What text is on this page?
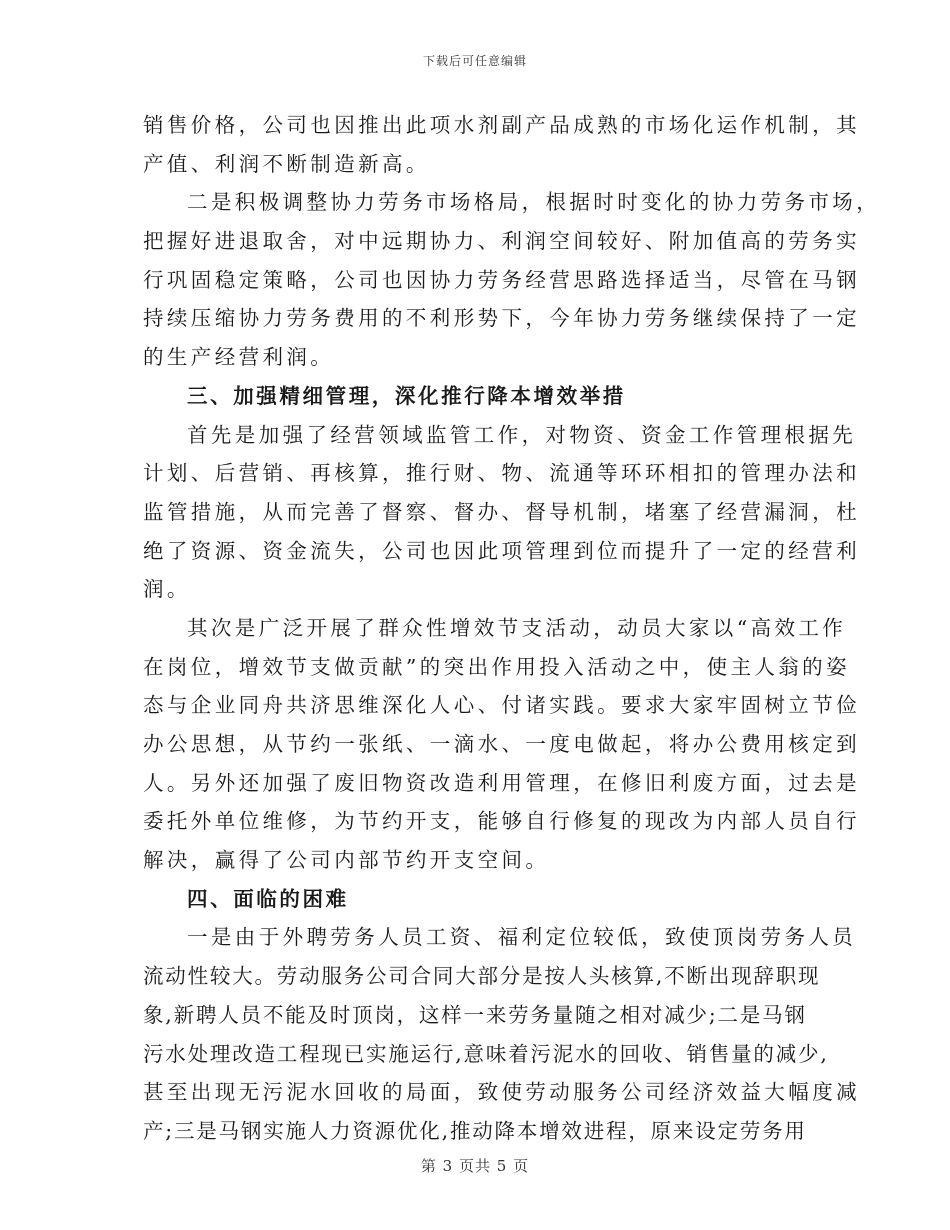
下载后可任意编辑
销售价格，公司也因推出此项水剂副产品成熟的市场化运作机制，其
产值、利润不断制造新高。
二是积极调整协力劳务市场格局，根据时时变化的协力劳务市场，
把握好进退取舍，对中远期协力、利润空间较好、附加值高的劳务实
行巩固稳定策略，公司也因协力劳务经营思路选择适当，尽管在马钢
持续压缩协力劳务费用的不利形势下，今年协力劳务继续保持了一定
的生产经营利润。
三、加强精细管理，深化推行降本增效举措
首先是加强了经营领域监管工作，对物资、资金工作管理根据先
计划、后营销、再核算，推行财、物、流通等环环相扣的管理办法和
监管措施，从而完善了督察、督办、督导机制，堵塞了经营漏洞，杜
绝了资源、资金流失，公司也因此项管理到位而提升了一定的经营利
润。
其次是广泛开展了群众性增效节支活动，动员大家以“高效工作
在岗位，增效节支做贡献”的突出作用投入活动之中，使主人翁的姿
态与企业同舟共济思维深化人心、付诸实践。要求大家牢固树立节俭
办公思想，从节约一张纸、一滴水、一度电做起，将办公费用核定到
人。另外还加强了废旧物资改造利用管理，在修旧利废方面，过去是
委托外单位维修，为节约开支，能够自行修复的现改为内部人员自行
解决，赢得了公司内部节约开支空间。
四、面临的困难
一是由于外聘劳务人员工资、福利定位较低，致使顶岗劳务人员
流动性较大。劳动服务公司合同大部分是按人头核算,不断出现辞职现
象,新聘人员不能及时顶岗，这样一来劳务量随之相对减少;二是马钢
污水处理改造工程现已实施运行,意味着污泥水的回收、销售量的减少,
甚至出现无污泥水回收的局面，致使劳动服务公司经济效益大幅度减
产;三是马钢实施人力资源优化,推动降本增效进程，原来设定劳务用
第 3 页共 5 页
